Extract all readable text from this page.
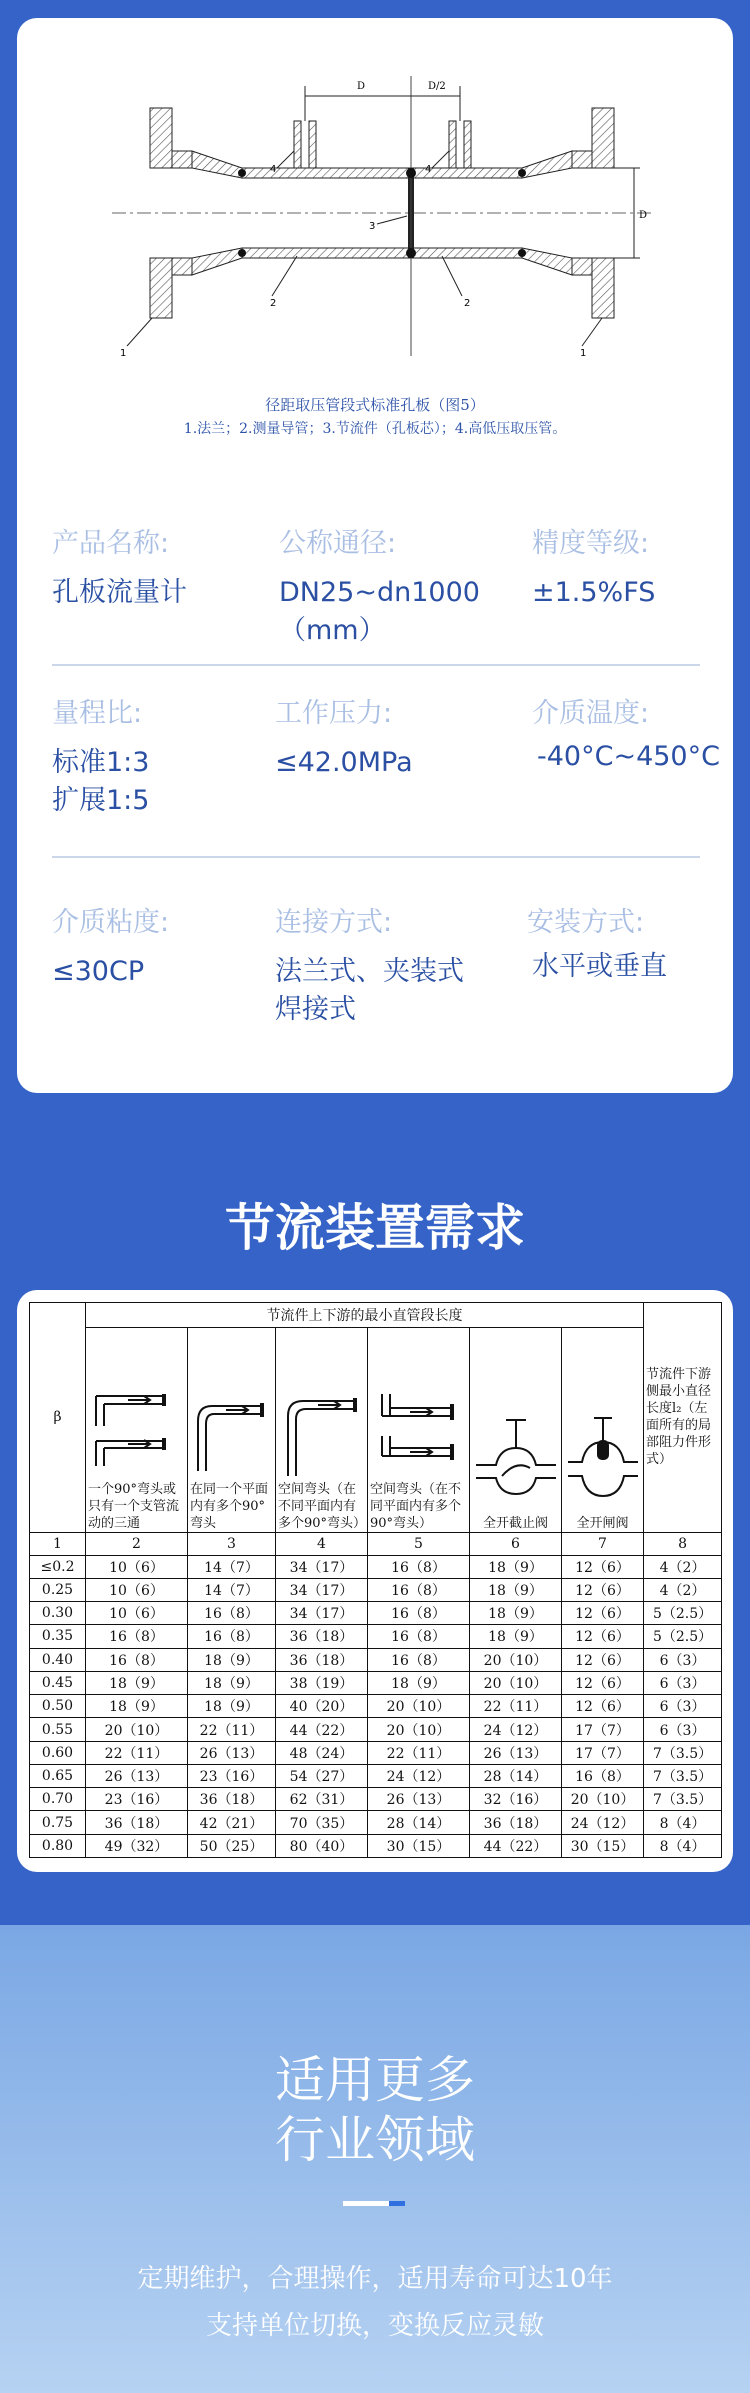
D	D/2
D
1	1
2	2
3
4	4
径距取压管段式标准孔板（图5）
1.法兰；2.测量导管；3.节流件（孔板芯）；4.高低压取压管。
产品名称:
孔板流量计
公称通径:
DN25~dn1000
（mm）
精度等级:
±1.5%FS
量程比:
标准1:3
扩展1:5
工作压力:
≤42.0MPa
介质温度:
-40°C~450°C
介质粘度:
≤30CP
连接方式:
法兰式、夹装式
焊接式
安装方式:
水平或垂直
节流装置需求
β	节流件上下游的最小直管段长度						节流件下游侧最小直径长度l₂（左面所有的局部阻力件形式）

	一个90°弯头或只有一个支管流动的三通	在同一个平面内有多个90°弯头	空间弯头（在不同平面内有多个90°弯头）	空间弯头（在不同平面内有多个90°弯头）	全开截止阀	全开闸阀	

1	2	3	4	5	6	7	8
≤0.2	10（6）	14（7）	34（17）	16（8）	18（9）	12（6）	4（2）
0.25	10（6）	14（7）	34（17）	16（8）	18（9）	12（6）	4（2）
0.30	10（6）	16（8）	34（17）	16（8）	18（9）	12（6）	5（2.5）
0.35	16（8）	16（8）	36（18）	16（8）	18（9）	12（6）	5（2.5）
0.40	16（8）	18（9）	36（18）	16（8）	20（10）	12（6）	6（3）
0.45	18（9）	18（9）	38（19）	18（9）	20（10）	12（6）	6（3）
0.50	18（9）	18（9）	40（20）	20（10）	22（11）	12（6）	6（3）
0.55	20（10）	22（11）	44（22）	20（10）	24（12）	17（7）	6（3）
0.60	22（11）	26（13）	48（24）	22（11）	26（13）	17（7）	7（3.5）
0.65	26（13）	23（16）	54（27）	24（12）	28（14）	16（8）	7（3.5）
0.70	23（16）	36（18）	62（31）	26（13）	32（16）	20（10）	7（3.5）
0.75	36（18）	42（21）	70（35）	28（14）	36（18）	24（12）	8（4）
0.80	49（32）	50（25）	80（40）	30（15）	44（22）	30（15）	8（4）
适用更多
行业领域
定期维护，合理操作，适用寿命可达10年
支持单位切换，变换反应灵敏
